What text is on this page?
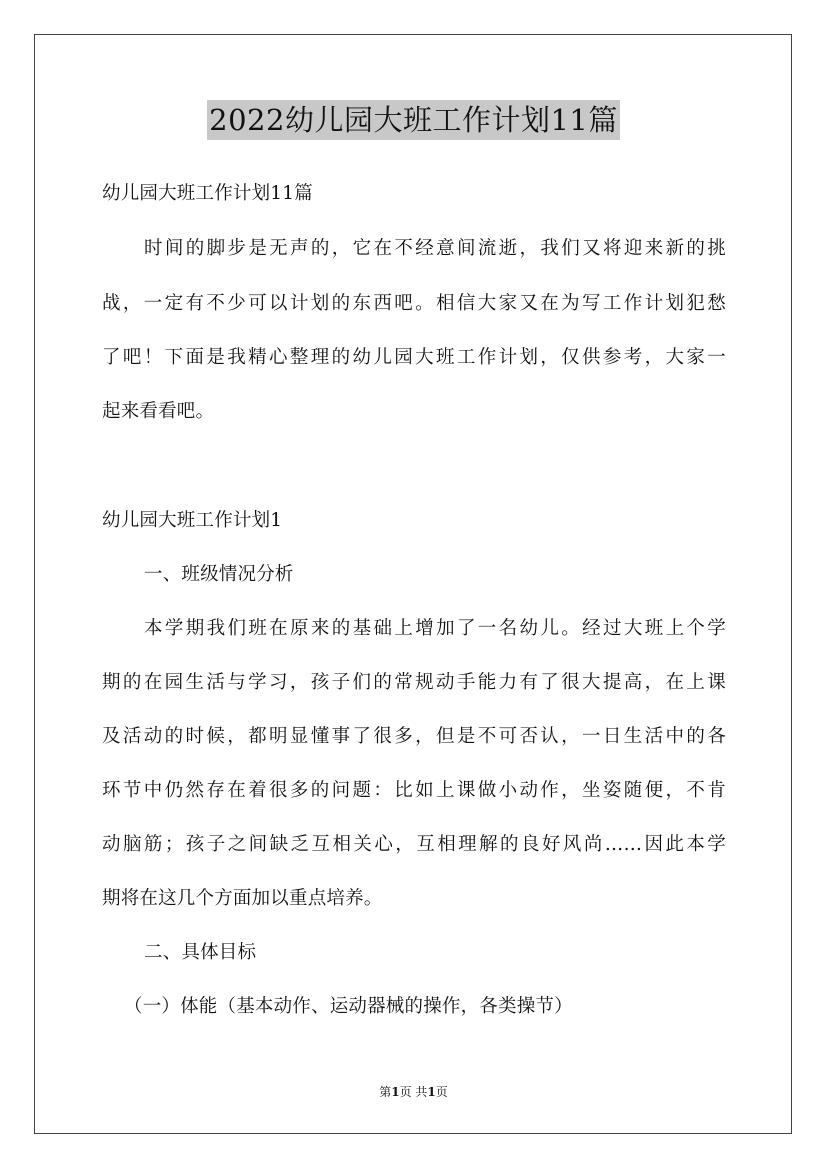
2022幼儿园大班工作计划11篇
幼儿园大班工作计划11篇
时间的脚步是无声的，它在不经意间流逝，我们又将迎来新的挑
战，一定有不少可以计划的东西吧。相信大家又在为写工作计划犯愁
了吧！下面是我精心整理的幼儿园大班工作计划，仅供参考，大家一
起来看看吧。
幼儿园大班工作计划1
一、班级情况分析
本学期我们班在原来的基础上增加了一名幼儿。经过大班上个学
期的在园生活与学习，孩子们的常规动手能力有了很大提高，在上课
及活动的时候，都明显懂事了很多，但是不可否认，一日生活中的各
环节中仍然存在着很多的问题：比如上课做小动作，坐姿随便，不肯
动脑筋；孩子之间缺乏互相关心，互相理解的良好风尚……因此本学
期将在这几个方面加以重点培养。
二、具体目标
（一）体能（基本动作、运动器械的操作，各类操节）
第1页 共1页
